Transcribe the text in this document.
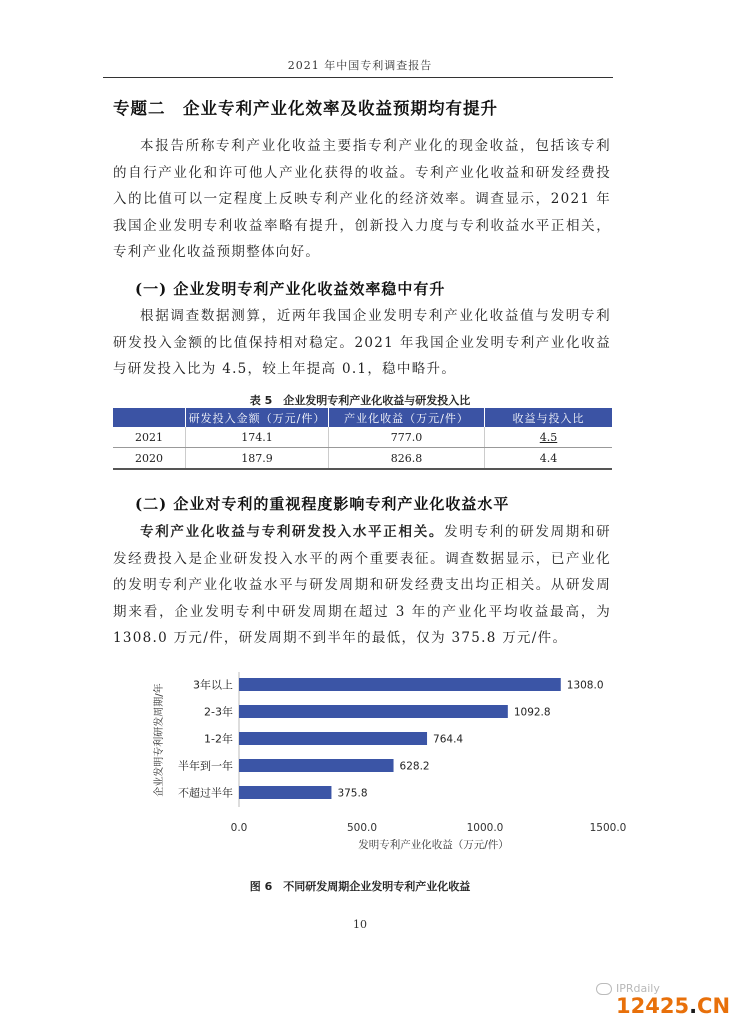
2021 年中国专利调查报告
专题二　企业专利产业化效率及收益预期均有提升
本报告所称专利产业化收益主要指专利产业化的现金收益，包括该专利的自行产业化和许可他人产业化获得的收益。专利产业化收益和研发经费投入的比值可以一定程度上反映专利产业化的经济效率。调查显示，2021 年我国企业发明专利收益率略有提升，创新投入力度与专利收益水平正相关，专利产业化收益预期整体向好。
(一) 企业发明专利产业化收益效率稳中有升
根据调查数据测算，近两年我国企业发明专利产业化收益值与发明专利研发投入金额的比值保持相对稳定。2021 年我国企业发明专利产业化收益与研发投入比为 4.5，较上年提高 0.1，稳中略升。
表 5　企业发明专利产业化收益与研发投入比
	研发投入金额（万元/件）	产业化收益（万元/件）	收益与投入比
2021	174.1	777.0	4.5
2020	187.9	826.8	4.4
(二) 企业对专利的重视程度影响专利产业化收益水平
专利产业化收益与专利研发投入水平正相关。发明专利的研发周期和研发经费投入是企业研发投入水平的两个重要表征。调查数据显示，已产业化的发明专利产业化收益水平与研发周期和研发经费支出均正相关。从研发周期来看，企业发明专利中研发周期在超过 3 年的产业化平均收益最高，为 1308.0 万元/件，研发周期不到半年的最低，仅为 375.8 万元/件。
3年以上	1308.0
2-3年	1092.8
1-2年	764.4
半年到一年	628.2
不超过半年	375.8
0.0	500.0	1000.0	1500.0
发明专利产业化收益（万元/件）
企业发明专利研发周期/年
图 6　不同研发周期企业发明专利产业化收益
10
IPRdaily
12425.CN
